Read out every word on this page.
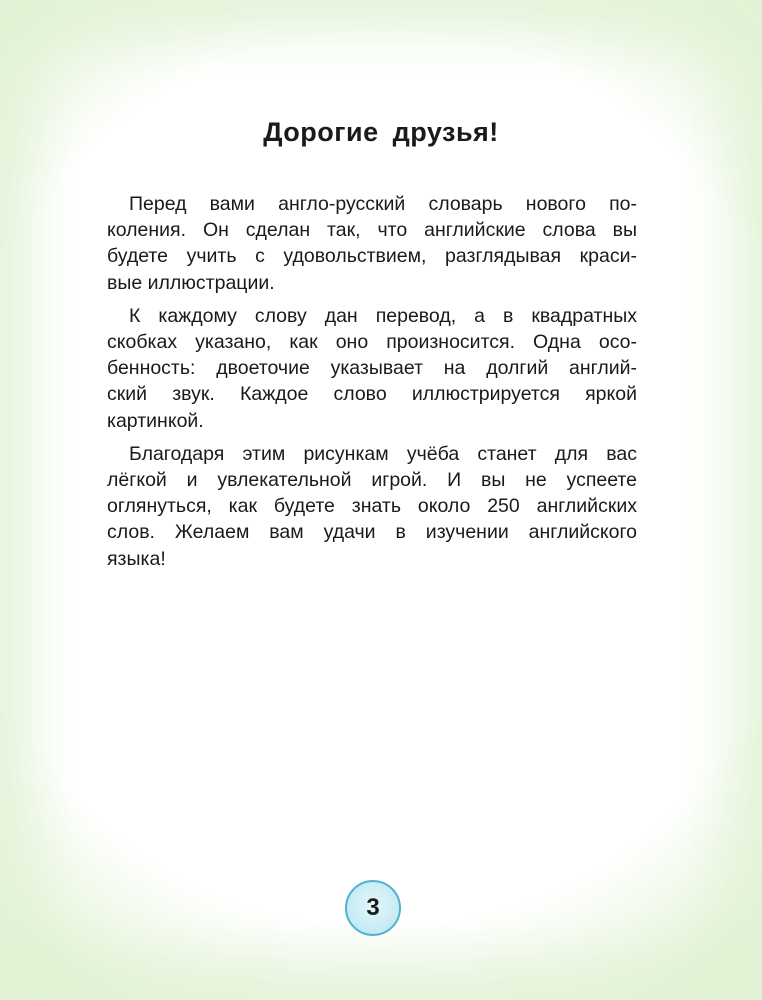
Дорогие друзья!

Перед вами англо-русский словарь нового по-
коления. Он сделан так, что английские слова вы
будете учить с удовольствием, разглядывая краси-
вые иллюстрации.

К каждому слову дан перевод, а в квадратных
скобках указано, как оно произносится. Одна осо-
бенность: двоеточие указывает на долгий англий-
ский звук. Каждое слово иллюстрируется яркой
картинкой.

Благодаря этим рисункам учёба станет для вас
лёгкой и увлекательной игрой. И вы не успеете
оглянуться, как будете знать около 250 английских
слов. Желаем вам удачи в изучении английского
языка!

3
